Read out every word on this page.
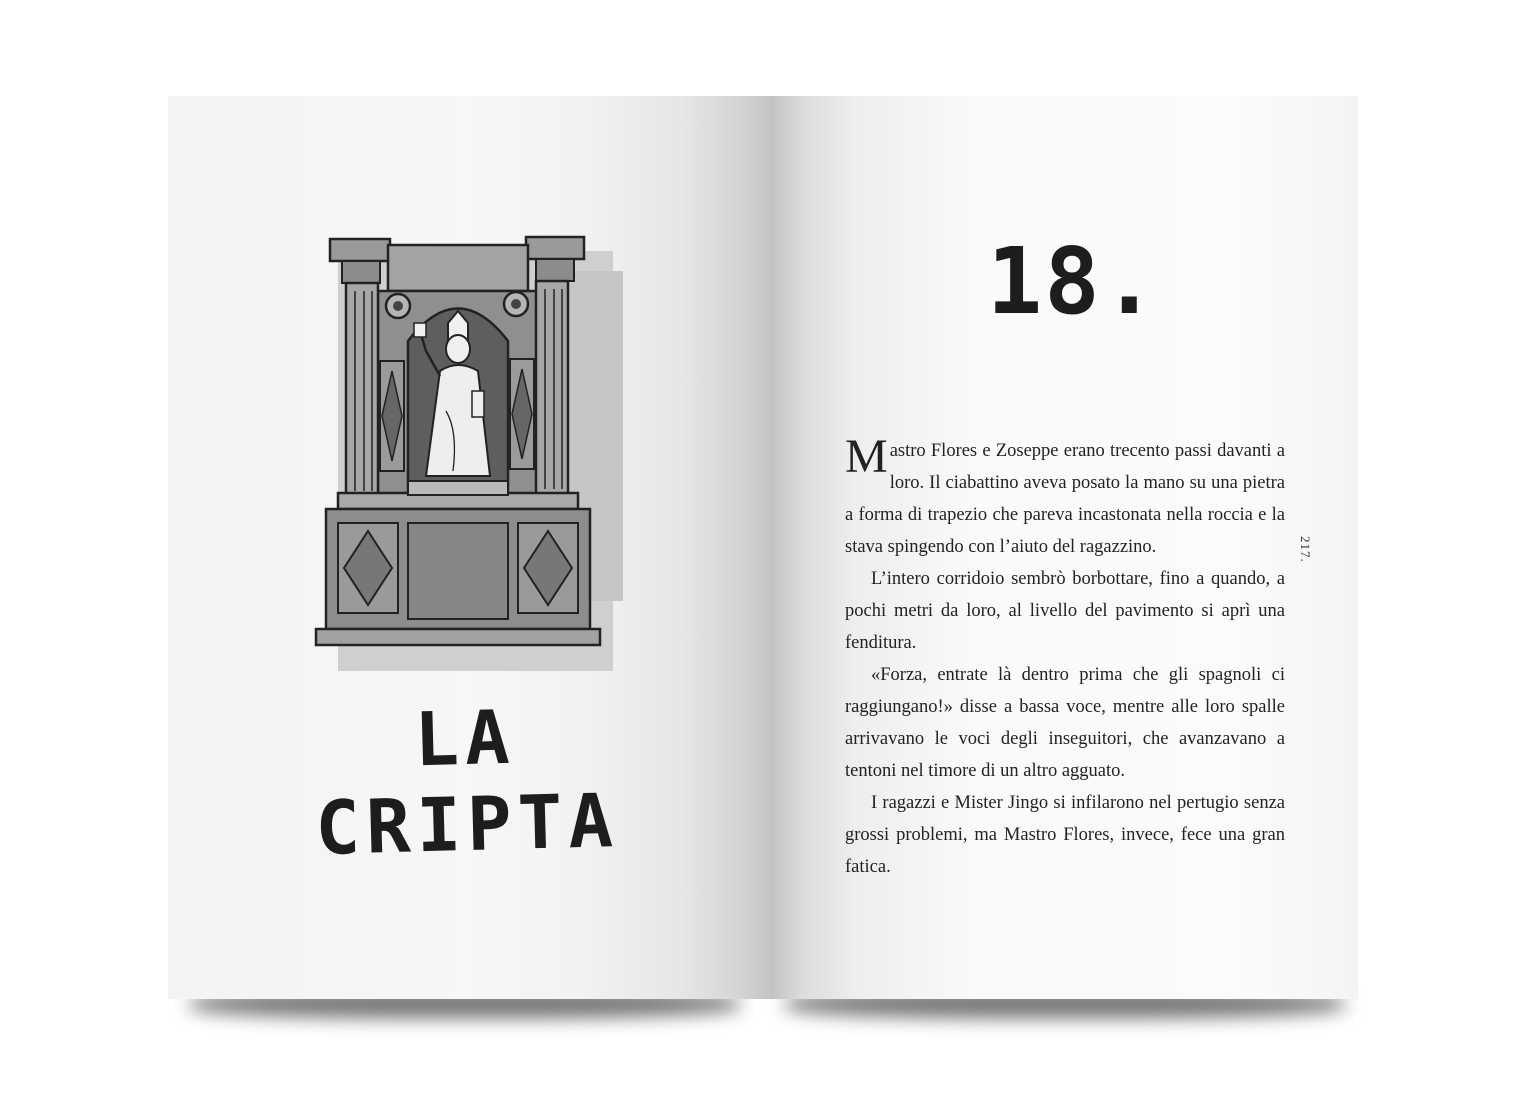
LA CRIPTA
18.

Mastro Flores e Zoseppe erano trecento passi davanti a loro. Il ciabattino aveva posato la mano su una pietra a forma di trapezio che pareva incastonata nella roccia e la stava spingendo con l’aiuto del ragazzino.

L’intero corridoio sembrò borbottare, fino a quando, a pochi metri da loro, al livello del pavimento si aprì una fenditura.

«Forza, entrate là dentro prima che gli spagnoli ci raggiungano!» disse a bassa voce, mentre alle loro spalle arrivavano le voci degli inseguitori, che avanzavano a tentoni nel timore di un altro agguato.

I ragazzi e Mister Jingo si infilarono nel pertugio senza grossi problemi, ma Mastro Flores, invece, fece una gran fatica.

217.
